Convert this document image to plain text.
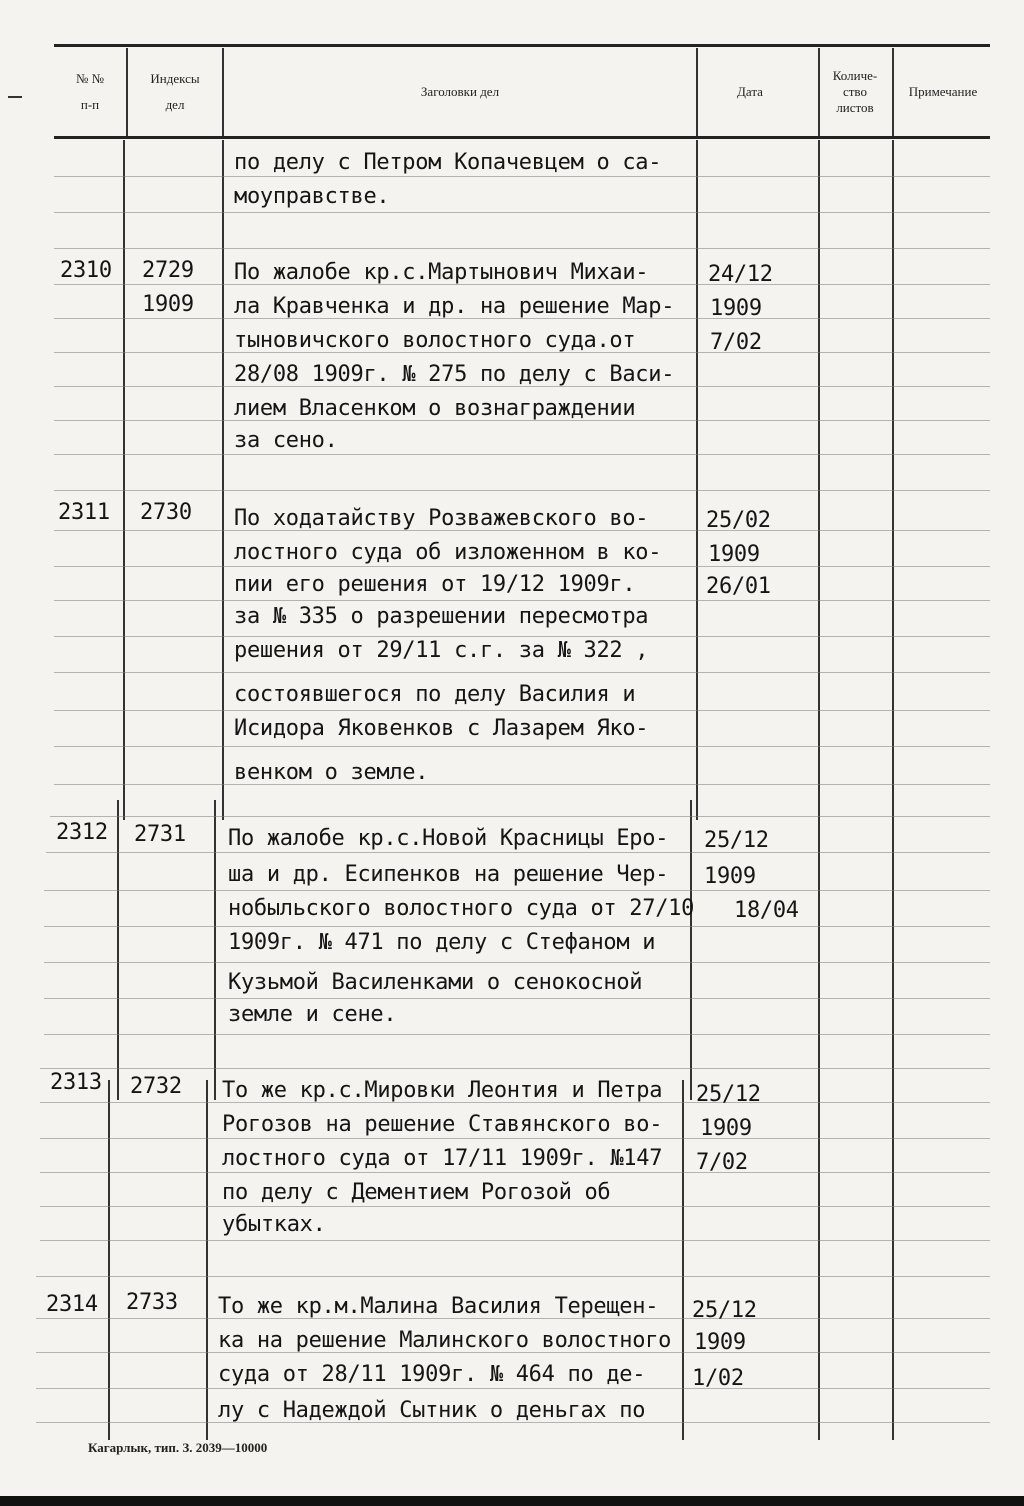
№ №
п-п
Индексы
дел
Заголовки дел	Дата
Количе-
ство
листов
Примечание
по делу с Петром Копачевцем о са-
моуправстве.
2310 2729
1909
По жалобе кр.с.Мартынович Михаи-
ла Кравченка и др. на решение Мар-
тыновичского волостного суда.от
28/08 1909г. № 275 по делу с Васи-
лием Власенком о вознаграждении
за сено.
24/12
1909
7/02
2311 2730 По ходатайству Розважевского во-
лостного суда об изложенном в ко-
пии его решения от 19/12 1909г.
за № 335 о разрешении пересмотра
решения от 29/11 с.г. за № 322 ,
состоявшегося по делу Василия и
Исидора Яковенков с Лазарем Яко-
венком о земле.
25/02
1909
26/01
2312 2731 По жалобе кр.с.Новой Красницы Еро-
ша и др. Есипенков на решение Чер-
нобыльского волостного суда от 27/10
1909г. № 471 по делу с Стефаном и
Кузьмой Василенками о сенокосной
земле и сене.
25/12
1909
18/04
2313 2732 То же кр.с.Мировки Леонтия и Петра
Рогозов на решение Ставянского во-
лостного суда от 17/11 1909г. №147
по делу с Дементием Рогозой об
убытках.
25/12
1909
7/02
2314 2733 То же кр.м.Малина Василия Терещен-
ка на решение Малинского волостного
суда от 28/11 1909г. № 464 по де-
лу с Надеждой Сытник о деньгах по
25/12
1909
1/02
Кагарлык, тип. З. 2039—10000
